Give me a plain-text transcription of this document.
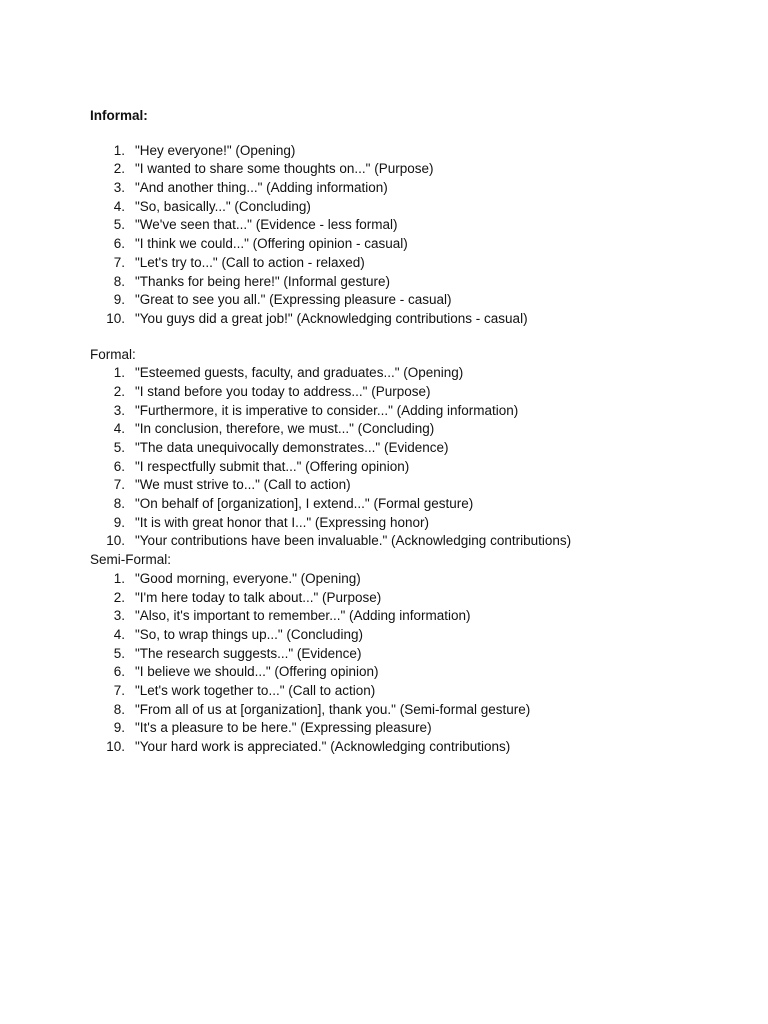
Informal:
1. "Hey everyone!" (Opening)
2. "I wanted to share some thoughts on..." (Purpose)
3. "And another thing..." (Adding information)
4. "So, basically..." (Concluding)
5. "We've seen that..." (Evidence - less formal)
6. "I think we could..." (Offering opinion - casual)
7. "Let's try to..." (Call to action - relaxed)
8. "Thanks for being here!" (Informal gesture)
9. "Great to see you all." (Expressing pleasure - casual)
10. "You guys did a great job!" (Acknowledging contributions - casual)
Formal:
1. "Esteemed guests, faculty, and graduates..." (Opening)
2. "I stand before you today to address..." (Purpose)
3. "Furthermore, it is imperative to consider..." (Adding information)
4. "In conclusion, therefore, we must..." (Concluding)
5. "The data unequivocally demonstrates..." (Evidence)
6. "I respectfully submit that..." (Offering opinion)
7. "We must strive to..." (Call to action)
8. "On behalf of [organization], I extend..." (Formal gesture)
9. "It is with great honor that I..." (Expressing honor)
10. "Your contributions have been invaluable." (Acknowledging contributions)
Semi-Formal:
1. "Good morning, everyone." (Opening)
2. "I'm here today to talk about..." (Purpose)
3. "Also, it's important to remember..." (Adding information)
4. "So, to wrap things up..." (Concluding)
5. "The research suggests..." (Evidence)
6. "I believe we should..." (Offering opinion)
7. "Let's work together to..." (Call to action)
8. "From all of us at [organization], thank you." (Semi-formal gesture)
9. "It's a pleasure to be here." (Expressing pleasure)
10. "Your hard work is appreciated." (Acknowledging contributions)
